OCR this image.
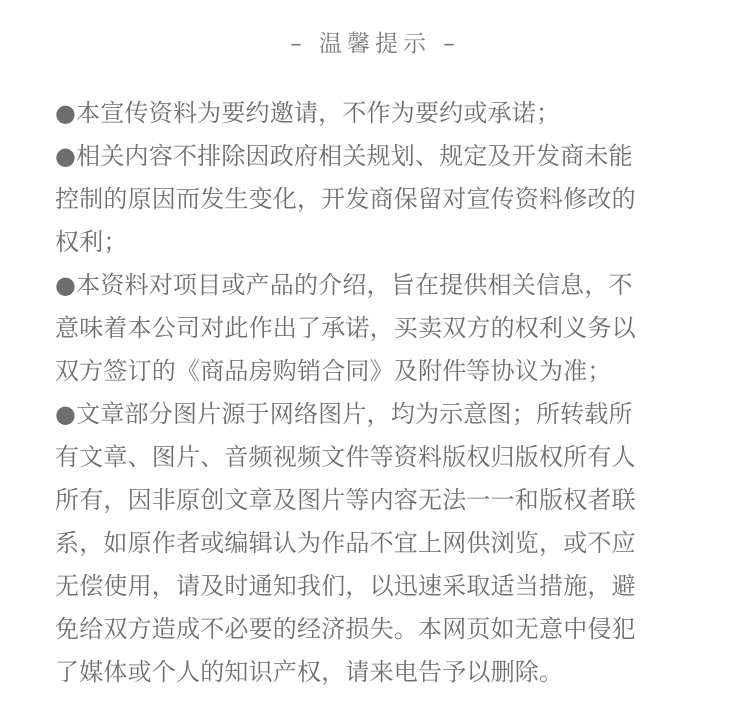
– 温馨提示 –
●本宣传资料为要约邀请，不作为要约或承诺；
●相关内容不排除因政府相关规划、规定及开发商未能
控制的原因而发生变化，开发商保留对宣传资料修改的
权利；
●本资料对项目或产品的介绍，旨在提供相关信息，不
意味着本公司对此作出了承诺，买卖双方的权利义务以
双方签订的《商品房购销合同》及附件等协议为准；
●文章部分图片源于网络图片，均为示意图；所转载所
有文章、图片、音频视频文件等资料版权归版权所有人
所有，因非原创文章及图片等内容无法一一和版权者联
系，如原作者或编辑认为作品不宜上网供浏览，或不应
无偿使用，请及时通知我们，以迅速采取适当措施，避
免给双方造成不必要的经济损失。本网页如无意中侵犯
了媒体或个人的知识产权，请来电告予以删除。
